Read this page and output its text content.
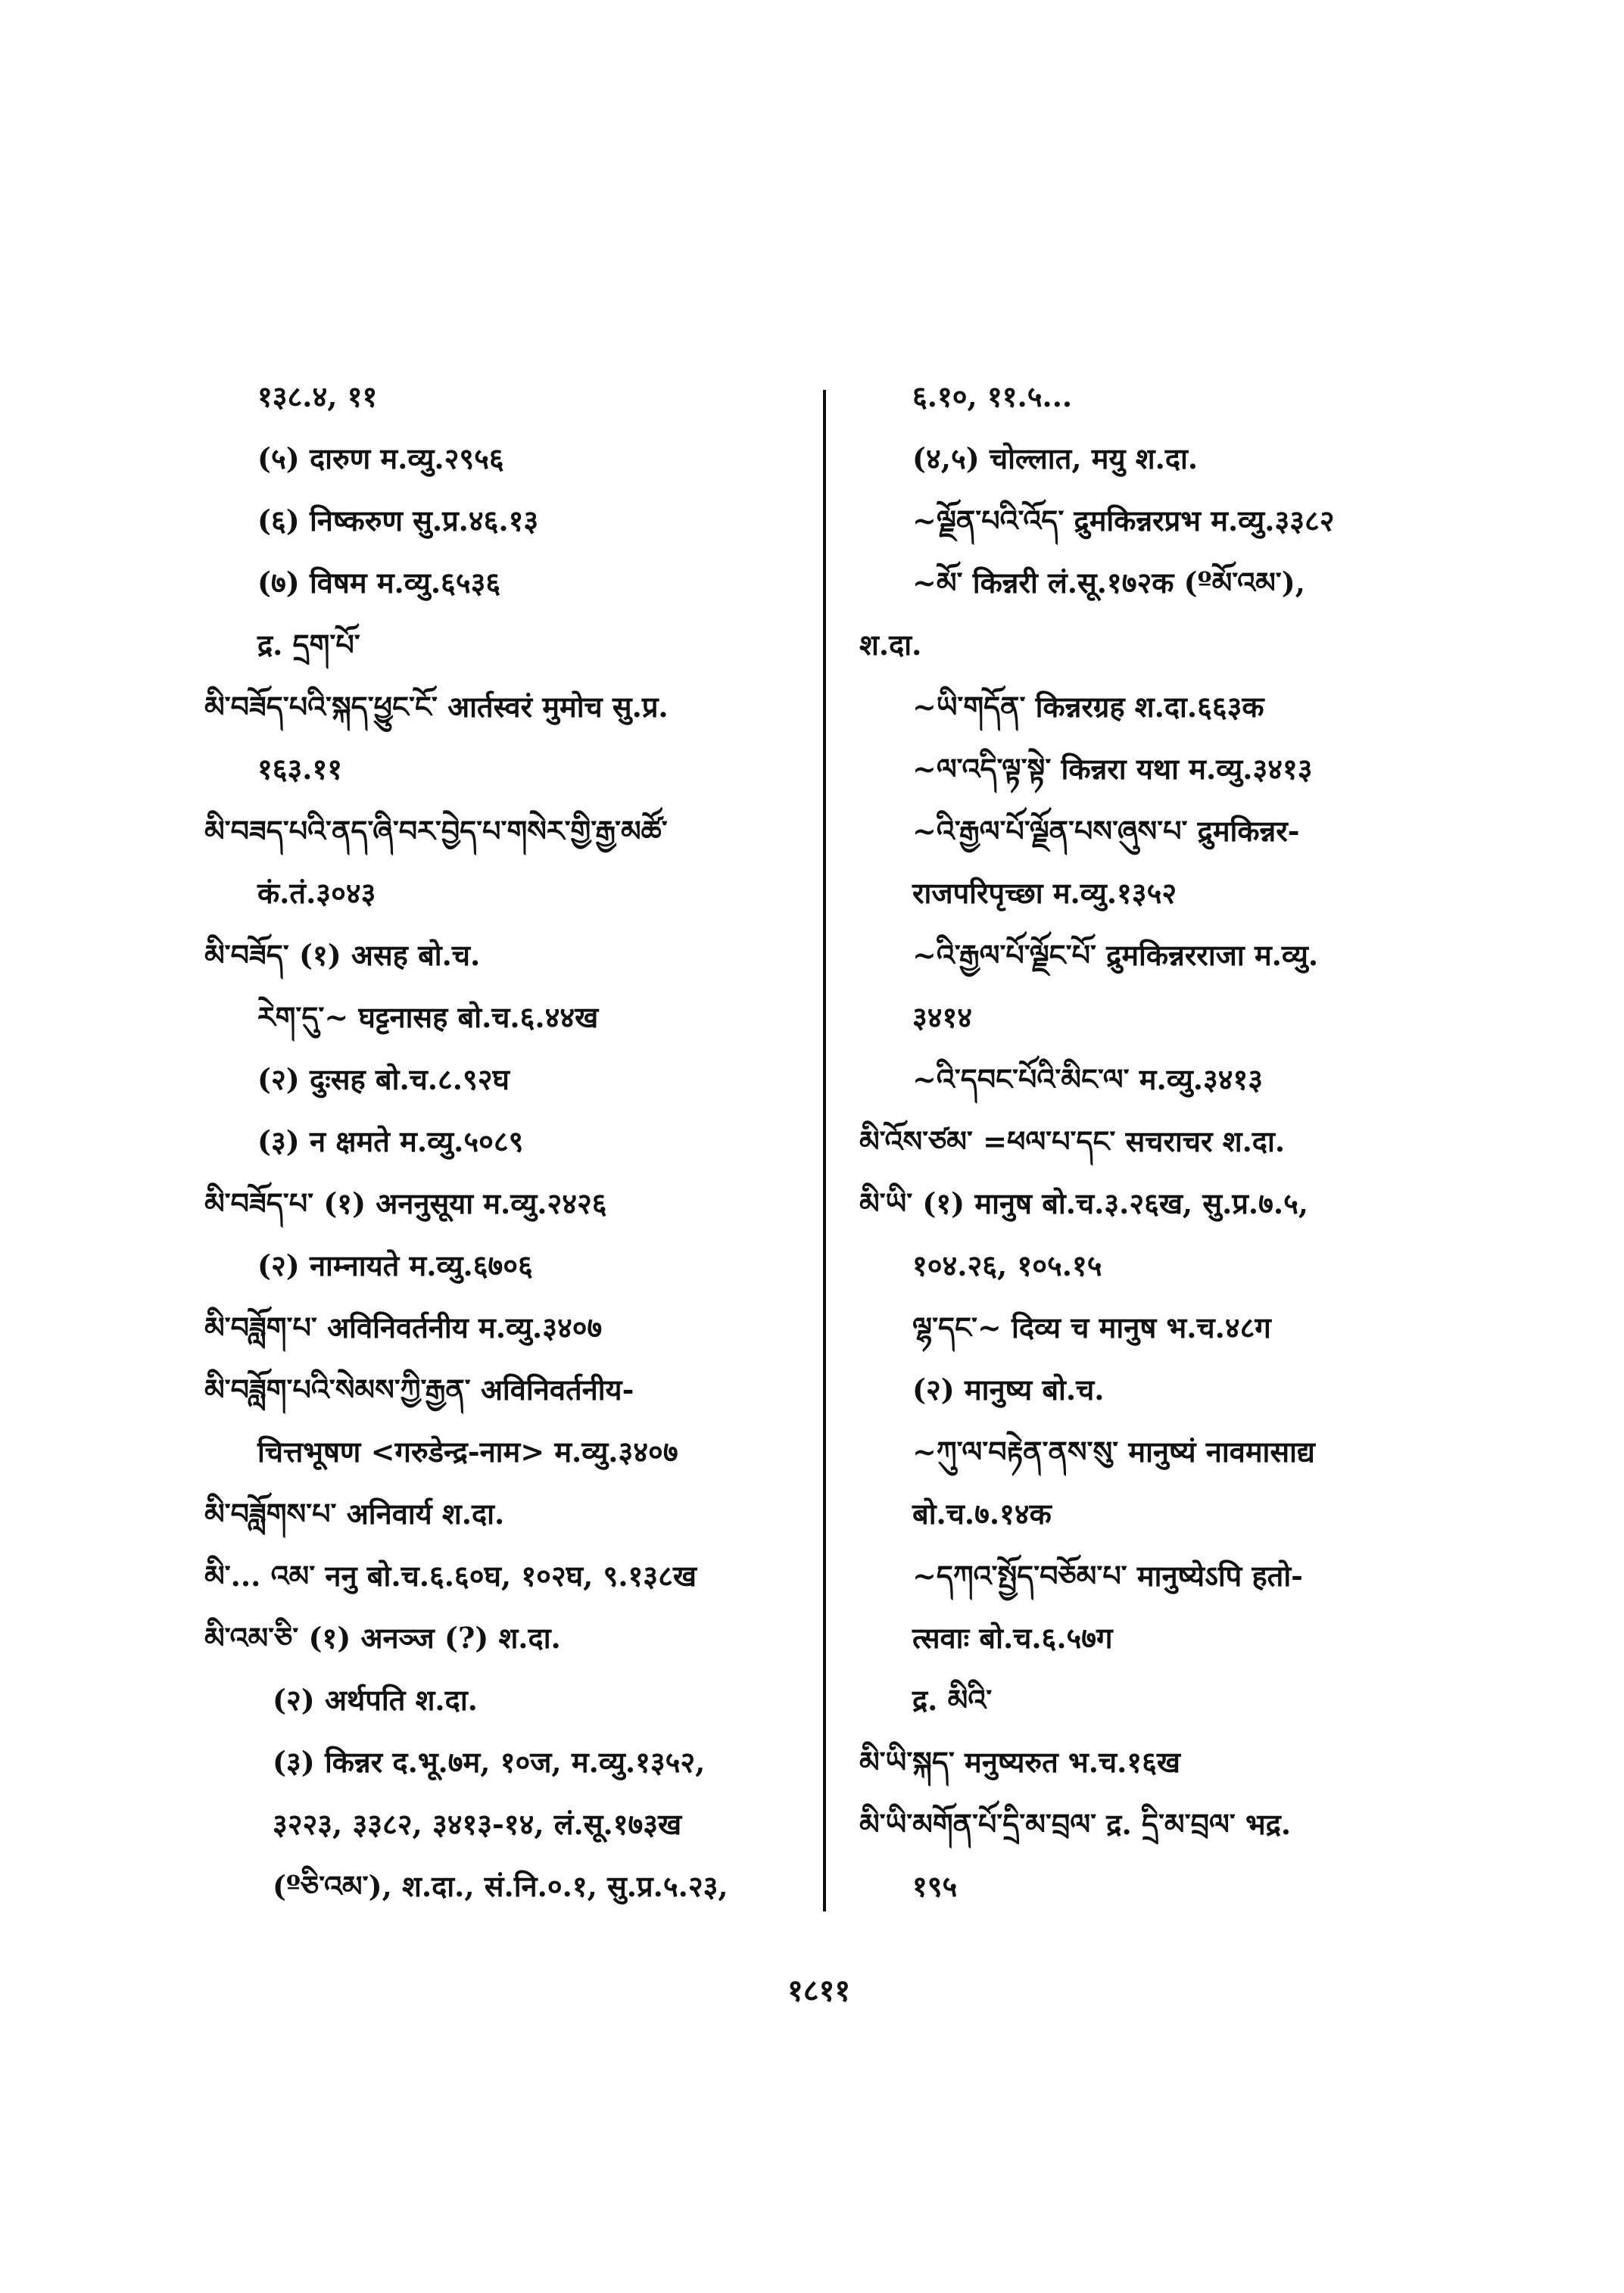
१३८.४, ११
(५) दारुण म.व्यु.२९५६
(६) निष्करुण सु.प्र.४६.१३
(७) विषम म.व्यु.६५३६
द्र. དྲག་པོ་
མི་བཟོད་པའི་སྐད་ཕྱུང་ངོ་ आर्तस्वरं मुमोच सु.प्र.
१६३.११
མི་བཟད་པའི་ནད་ཞི་བར་བྱེད་པ་གསེར་གྱི་རྒྱ་མཚོ་
कं.तं.३०४३
མི་བཟོད་ (१) असह बो.च.
རེག་དུ་~ घट्टनासह बो.च.६.४४ख
(२) दुःसह बो.च.८.९२घ
(३) न क्षमते म.व्यु.५०८९
མི་བཟོད་པ་ (१) अननुसूया म.व्यु.२४२६
(२) नाम्नायते म.व्यु.६७०६
མི་བཟློག་པ་ अविनिवर्तनीय म.व्यु.३४०७
མི་བཟློག་པའི་སེམས་ཀྱི་རྒྱན་ अविनिवर्तनीय-
चित्तभूषण <गरुडेन्द्र-नाम> म.व्यु.३४०७
མི་བཟློགས་པ་ अनिवार्य श.दा.
མི་... འམ་ ननु बो.च.६.६०घ, १०२घ, ९.१३८ख
མི་འམ་ཅི་ (१) अनञ्ज (?) श.दा.
(२) अर्थपति श.दा.
(३) किन्नर द.भू.७म, १०ज, म.व्यु.१३५२,
३२२३, ३३८२, ३४१३-१४, लं.सू.१७३ख
(ºཅི་འམ་), श.दा., सं.नि.०.१, सु.प्र.५.२३,
६.१०, ११.५...
(४,५) चोल्लात, मयु श.दा.
~ལྗོན་པའི་འོད་ द्रुमकिन्नरप्रभ म.व्यु.३३८२
~མོ་ किन्नरी लं.सू.१७२क (ºམོ་འམ་),
श.दा.
~ཡི་གདོན་ किन्नरग्रह श.दा.६६३क
~ལ་འདི་ལྟ་སྟེ་ किन्नरा यथा म.व्यु.३४१३
~འི་རྒྱལ་པོ་ལྗོན་པས་ཞུས་པ་ द्रुमकिन्नर-
राजपरिपृच्छा म.व्यु.१३५२
~འི་རྒྱལ་པོ་ལྗོང་པོ་ द्रुमकिन्नरराजा म.व्यु.
३४१४
~འི་དབང་པོའི་མིང་ལ་ म.व्यु.३४१३
མི་འོས་ཙམ་ =ཕལ་པ་དང་ सचराचर श.दा.
མི་ཡི་ (१) मानुष बो.च.३.२६ख, सु.प्र.७.५,
१०४.२६, १०५.१५
ལྷ་དང་~ दिव्य च मानुष भ.च.४८ग
(२) मानुष्य बो.च.
~ཀུ་ལ་བརྟེན་ནས་སུ་ मानुष्यं नावमासाद्य
बो.च.७.१४क
~དཀའ་སྤྱོད་བཅོམ་པ་ मानुष्येऽपि हतो-
त्सवाः बो.च.६.५७ग
द्र. མིའི་
མི་ཡི་སྐད་ मनुष्यरुत भ.च.१६ख
མི་ཡི་མགོན་པོ་དྲི་མ་བྲལ་ द्र. དྲི་མ་བྲལ་ भद्र.
१९५
१८११
